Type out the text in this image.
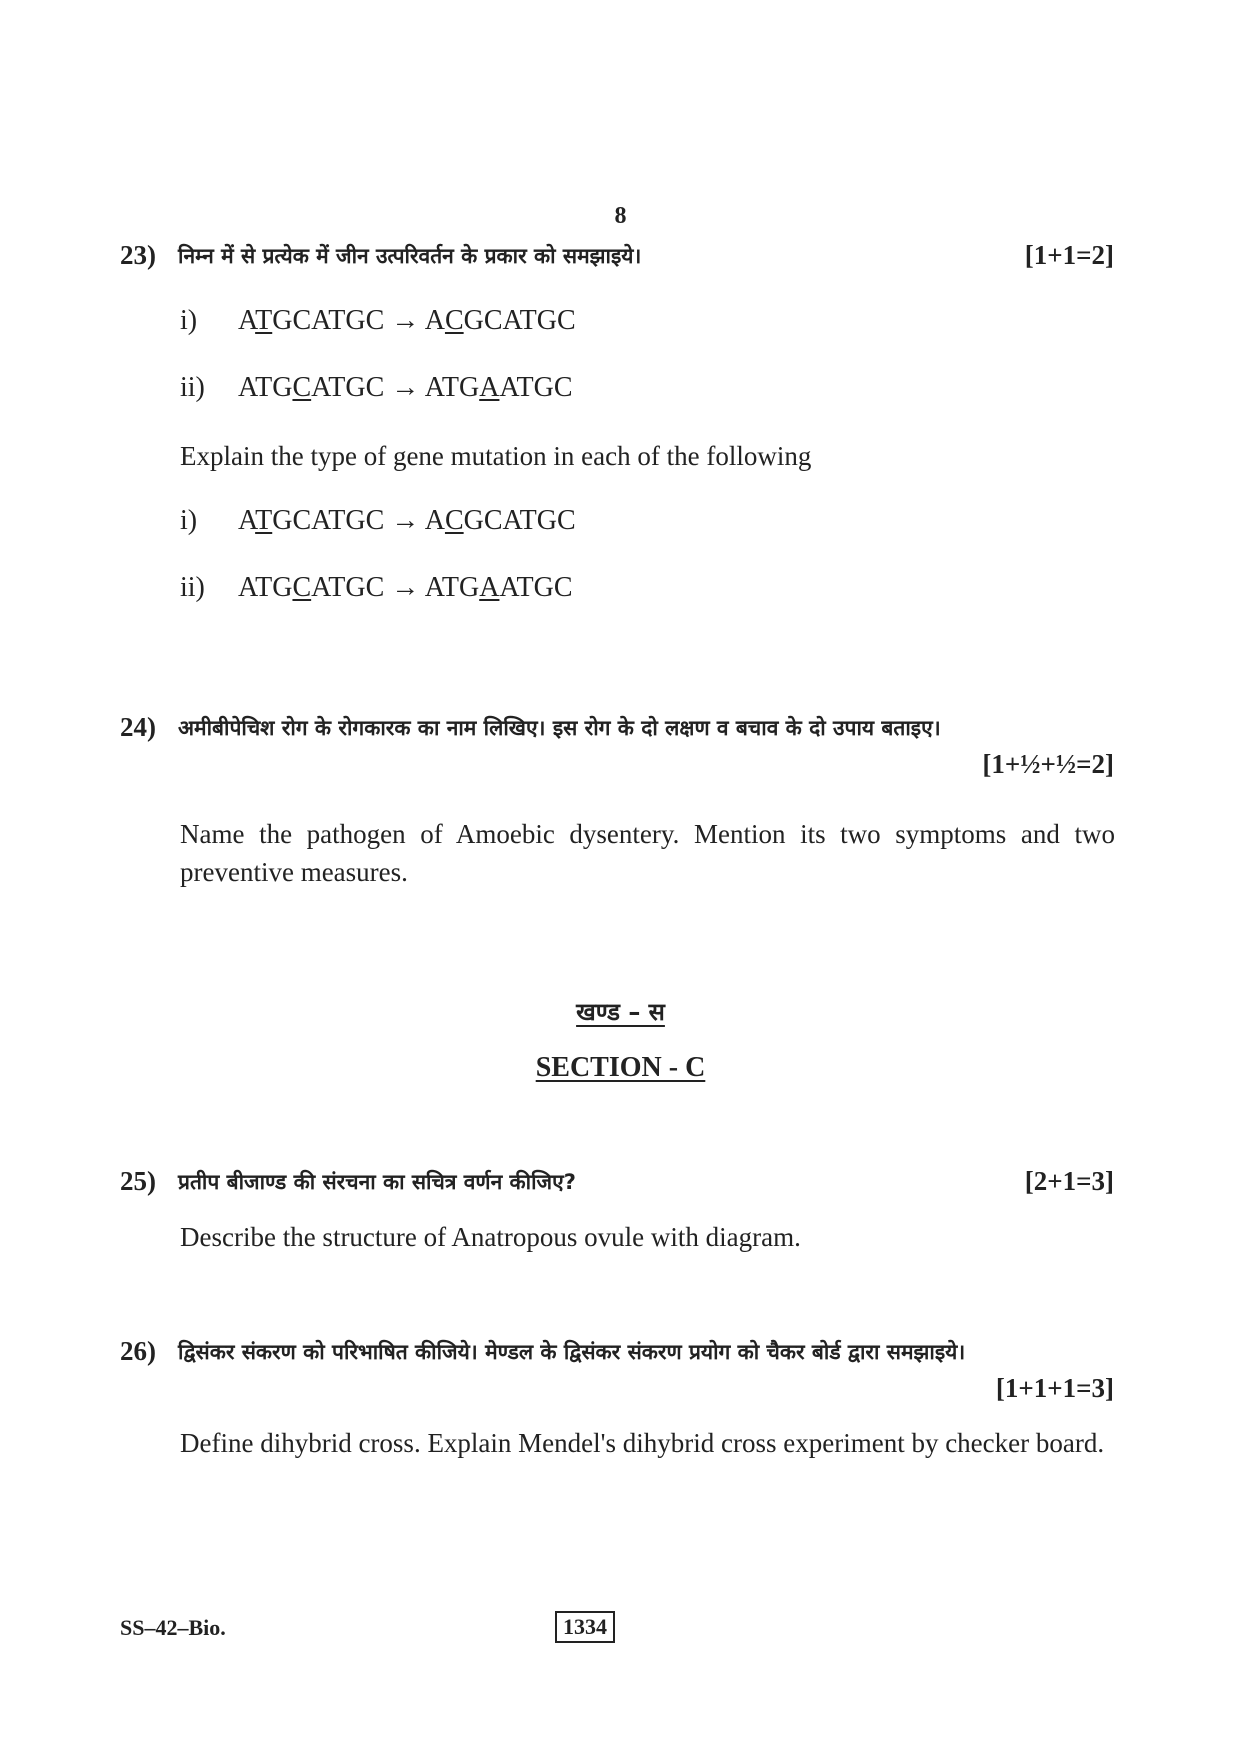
8
23) निम्न में से प्रत्येक में जीन उत्परिवर्तन के प्रकार को समझाइये।	[1+1=2]
i) ATGCATGC → ACGCATGC
ii) ATGCATGC → ATGAATGC
Explain the type of gene mutation in each of the following
i) ATGCATGC → ACGCATGC
ii) ATGCATGC → ATGAATGC
24) अमीबीपेचिश रोग के रोगकारक का नाम लिखिए। इस रोग के दो लक्षण व बचाव के दो उपाय बताइए।
[1+½+½=2]
Name the pathogen of Amoebic dysentery. Mention its two symptoms and two preventive measures.
खण्ड – स
SECTION - C
25) प्रतीप बीजाण्ड की संरचना का सचित्र वर्णन कीजिए?	[2+1=3]
Describe the structure of Anatropous ovule with diagram.
26) द्विसंकर संकरण को परिभाषित कीजिये। मेण्डल के द्विसंकर संकरण प्रयोग को चैकर बोर्ड द्वारा समझाइये।
[1+1+1=3]
Define dihybrid cross. Explain Mendel's dihybrid cross experiment by checker board.
SS–42–Bio.	1334
